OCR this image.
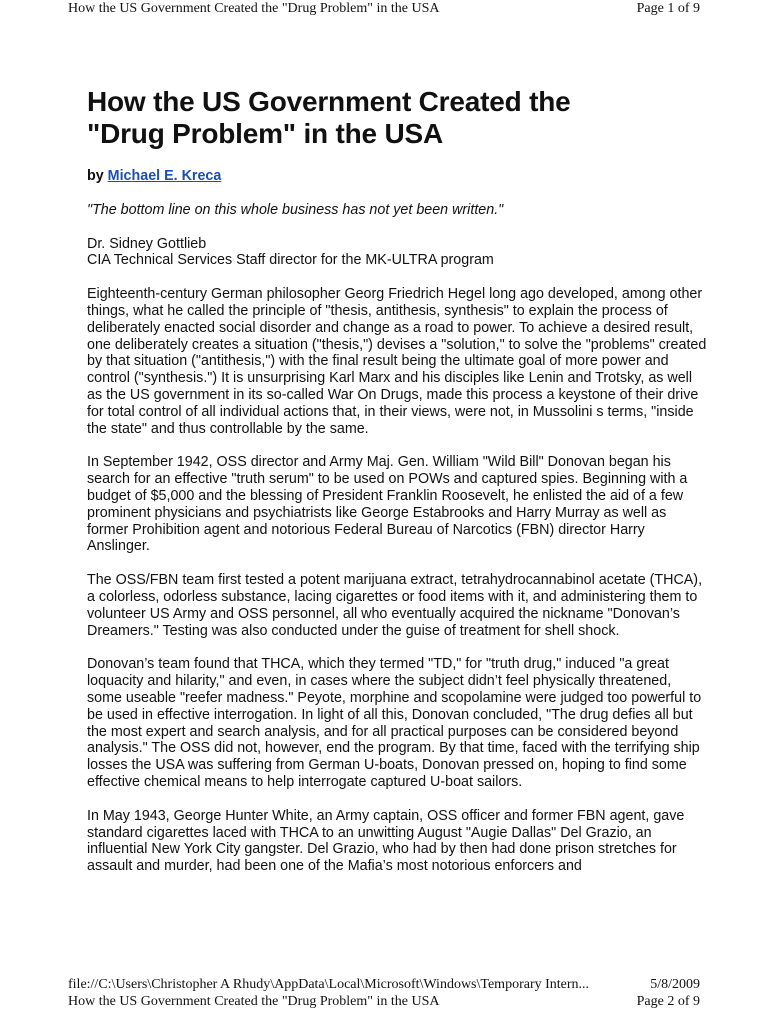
How the US Government Created the "Drug Problem" in the USA	Page 1 of 9
How the US Government Created the
"Drug Problem" in the USA
by Michael E. Kreca
"The bottom line on this whole business has not yet been written."
Dr. Sidney Gottlieb
CIA Technical Services Staff director for the MK-ULTRA program

Eighteenth-century German philosopher Georg Friedrich Hegel long ago developed, among other things, what he called the principle of "thesis, antithesis, synthesis" to explain the process of deliberately enacted social disorder and change as a road to power. To achieve a desired result, one deliberately creates a situation ("thesis,") devises a "solution," to solve the "problems" created by that situation ("antithesis,") with the final result being the ultimate goal of more power and control ("synthesis.") It is unsurprising Karl Marx and his disciples like Lenin and Trotsky, as well as the US government in its so-called War On Drugs, made this process a keystone of their drive for total control of all individual actions that, in their views, were not, in Mussolini s terms, "inside the state" and thus controllable by the same.

In September 1942, OSS director and Army Maj. Gen. William "Wild Bill" Donovan began his search for an effective "truth serum" to be used on POWs and captured spies. Beginning with a budget of $5,000 and the blessing of President Franklin Roosevelt, he enlisted the aid of a few prominent physicians and psychiatrists like George Estabrooks and Harry Murray as well as former Prohibition agent and notorious Federal Bureau of Narcotics (FBN) director Harry Anslinger.

The OSS/FBN team first tested a potent marijuana extract, tetrahydrocannabinol acetate (THCA), a colorless, odorless substance, lacing cigarettes or food items with it, and administering them to volunteer US Army and OSS personnel, all who eventually acquired the nickname "Donovan’s Dreamers." Testing was also conducted under the guise of treatment for shell shock.

Donovan’s team found that THCA, which they termed "TD," for "truth drug," induced "a great loquacity and hilarity," and even, in cases where the subject didn’t feel physically threatened, some useable "reefer madness." Peyote, morphine and scopolamine were judged too powerful to be used in effective interrogation. In light of all this, Donovan concluded, "The drug defies all but the most expert and search analysis, and for all practical purposes can be considered beyond analysis." The OSS did not, however, end the program. By that time, faced with the terrifying ship losses the USA was suffering from German U-boats, Donovan pressed on, hoping to find some effective chemical means to help interrogate captured U-boat sailors.

In May 1943, George Hunter White, an Army captain, OSS officer and former FBN agent, gave standard cigarettes laced with THCA to an unwitting August "Augie Dallas" Del Grazio, an influential New York City gangster. Del Grazio, who had by then had done prison stretches for assault and murder, had been one of the Mafia’s most notorious enforcers and

file://C:\Users\Christopher A Rhudy\AppData\Local\Microsoft\Windows\Temporary Intern...	5/8/2009
How the US Government Created the "Drug Problem" in the USA	Page 2 of 9
